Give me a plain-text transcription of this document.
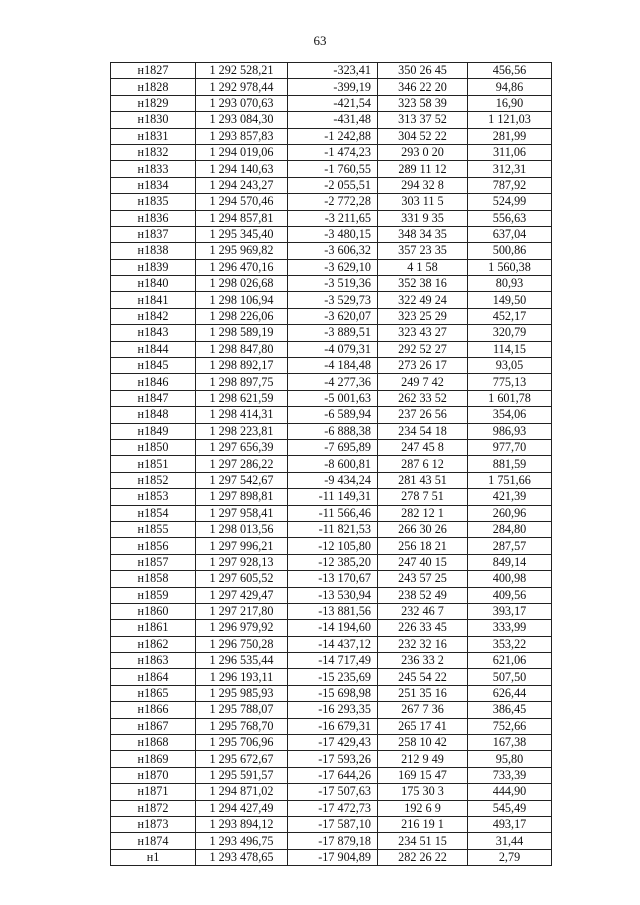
63
н1827	1 292 528,21	-323,41	350 26 45	456,56
н1828	1 292 978,44	-399,19	346 22 20	94,86
н1829	1 293 070,63	-421,54	323 58 39	16,90
н1830	1 293 084,30	-431,48	313 37 52	1 121,03
н1831	1 293 857,83	-1 242,88	304 52 22	281,99
н1832	1 294 019,06	-1 474,23	293 0 20	311,06
н1833	1 294 140,63	-1 760,55	289 11 12	312,31
н1834	1 294 243,27	-2 055,51	294 32 8	787,92
н1835	1 294 570,46	-2 772,28	303 11 5	524,99
н1836	1 294 857,81	-3 211,65	331 9 35	556,63
н1837	1 295 345,40	-3 480,15	348 34 35	637,04
н1838	1 295 969,82	-3 606,32	357 23 35	500,86
н1839	1 296 470,16	-3 629,10	4 1 58	1 560,38
н1840	1 298 026,68	-3 519,36	352 38 16	80,93
н1841	1 298 106,94	-3 529,73	322 49 24	149,50
н1842	1 298 226,06	-3 620,07	323 25 29	452,17
н1843	1 298 589,19	-3 889,51	323 43 27	320,79
н1844	1 298 847,80	-4 079,31	292 52 27	114,15
н1845	1 298 892,17	-4 184,48	273 26 17	93,05
н1846	1 298 897,75	-4 277,36	249 7 42	775,13
н1847	1 298 621,59	-5 001,63	262 33 52	1 601,78
н1848	1 298 414,31	-6 589,94	237 26 56	354,06
н1849	1 298 223,81	-6 888,38	234 54 18	986,93
н1850	1 297 656,39	-7 695,89	247 45 8	977,70
н1851	1 297 286,22	-8 600,81	287 6 12	881,59
н1852	1 297 542,67	-9 434,24	281 43 51	1 751,66
н1853	1 297 898,81	-11 149,31	278 7 51	421,39
н1854	1 297 958,41	-11 566,46	282 12 1	260,96
н1855	1 298 013,56	-11 821,53	266 30 26	284,80
н1856	1 297 996,21	-12 105,80	256 18 21	287,57
н1857	1 297 928,13	-12 385,20	247 40 15	849,14
н1858	1 297 605,52	-13 170,67	243 57 25	400,98
н1859	1 297 429,47	-13 530,94	238 52 49	409,56
н1860	1 297 217,80	-13 881,56	232 46 7	393,17
н1861	1 296 979,92	-14 194,60	226 33 45	333,99
н1862	1 296 750,28	-14 437,12	232 32 16	353,22
н1863	1 296 535,44	-14 717,49	236 33 2	621,06
н1864	1 296 193,11	-15 235,69	245 54 22	507,50
н1865	1 295 985,93	-15 698,98	251 35 16	626,44
н1866	1 295 788,07	-16 293,35	267 7 36	386,45
н1867	1 295 768,70	-16 679,31	265 17 41	752,66
н1868	1 295 706,96	-17 429,43	258 10 42	167,38
н1869	1 295 672,67	-17 593,26	212 9 49	95,80
н1870	1 295 591,57	-17 644,26	169 15 47	733,39
н1871	1 294 871,02	-17 507,63	175 30 3	444,90
н1872	1 294 427,49	-17 472,73	192 6 9	545,49
н1873	1 293 894,12	-17 587,10	216 19 1	493,17
н1874	1 293 496,75	-17 879,18	234 51 15	31,44
н1	1 293 478,65	-17 904,89	282 26 22	2,79
